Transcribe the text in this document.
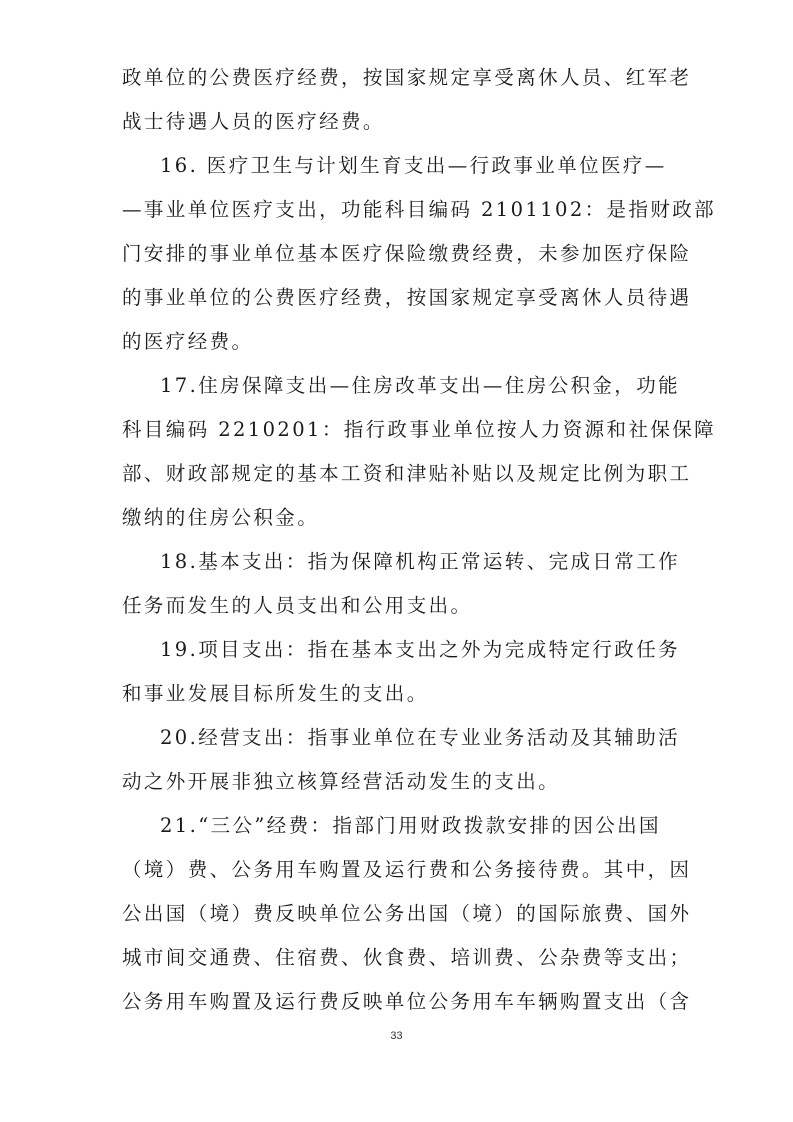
政单位的公费医疗经费，按国家规定享受离休人员、红军老
战士待遇人员的医疗经费。
16. 医疗卫生与计划生育支出—行政事业单位医疗—
—事业单位医疗支出，功能科目编码 2101102：是指财政部
门安排的事业单位基本医疗保险缴费经费，未参加医疗保险
的事业单位的公费医疗经费，按国家规定享受离休人员待遇
的医疗经费。
17.住房保障支出—住房改革支出—住房公积金，功能
科目编码 2210201：指行政事业单位按人力资源和社保保障
部、财政部规定的基本工资和津贴补贴以及规定比例为职工
缴纳的住房公积金。
18.基本支出：指为保障机构正常运转、完成日常工作
任务而发生的人员支出和公用支出。
19.项目支出：指在基本支出之外为完成特定行政任务
和事业发展目标所发生的支出。
20.经营支出：指事业单位在专业业务活动及其辅助活
动之外开展非独立核算经营活动发生的支出。
21.“三公”经费：指部门用财政拨款安排的因公出国
（境）费、公务用车购置及运行费和公务接待费。其中，因
公出国（境）费反映单位公务出国（境）的国际旅费、国外
城市间交通费、住宿费、伙食费、培训费、公杂费等支出；
公务用车购置及运行费反映单位公务用车车辆购置支出（含
33
